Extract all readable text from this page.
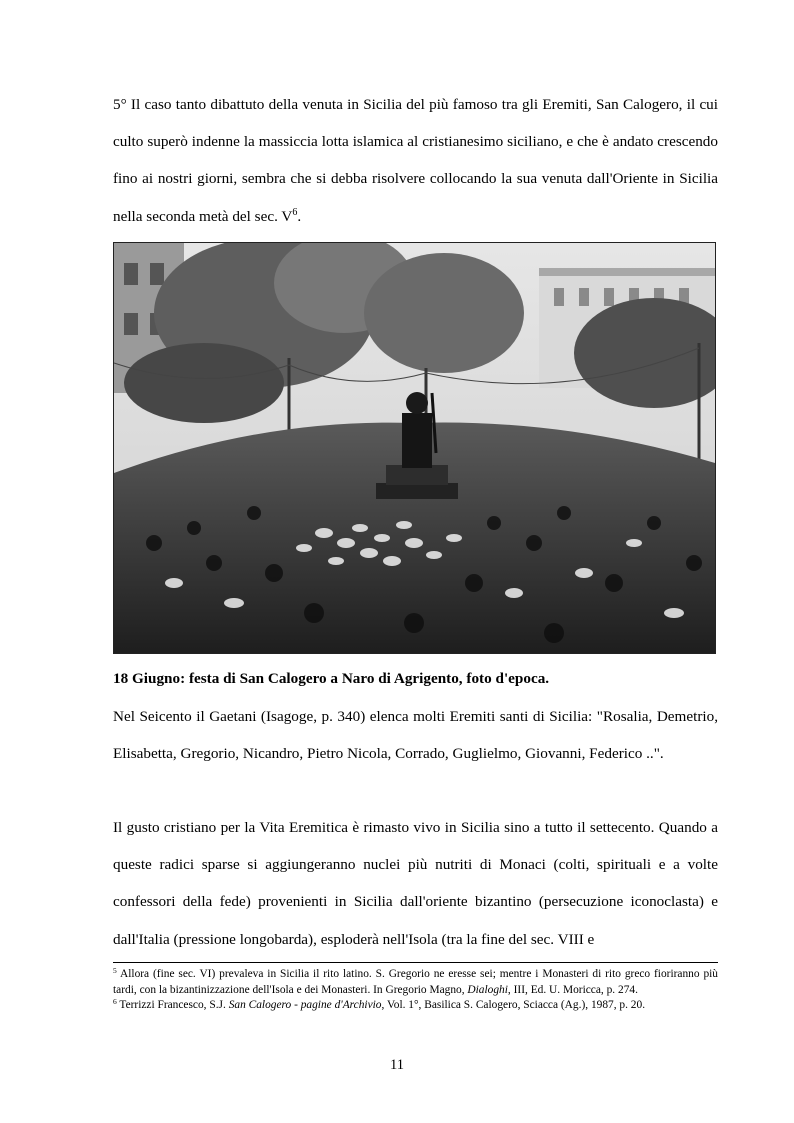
5° Il caso tanto dibattuto della venuta in Sicilia del più famoso tra gli Eremiti, San Calogero, il cui culto superò indenne la massiccia lotta islamica al cristianesimo siciliano, e che è andato crescendo fino ai nostri giorni, sembra che si debba risolvere collocando la sua venuta dall'Oriente in Sicilia nella seconda metà del sec. $V^6$.

18 Giugno: festa di San Calogero a Naro di Agrigento, foto d'epoca.

Nel Seicento il Gaetani (Isagoge, p. 340) elenca molti Eremiti santi di Sicilia: "Rosalia, Demetrio, Elisabetta, Gregorio, Nicandro, Pietro Nicola, Corrado, Guglielmo, Giovanni, Federico ..".

Il gusto cristiano per la Vita Eremitica è rimasto vivo in Sicilia sino a tutto il settecento. Quando a queste radici sparse si aggiungeranno nuclei più nutriti di Monaci (colti, spirituali e a volte confessori della fede) provenienti in Sicilia dall'oriente bizantino (persecuzione iconoclasta) e dall'Italia (pressione longobarda), esploderà nell'Isola (tra la fine del sec. VIII e

$^5$ Allora (fine sec. VI) prevaleva in Sicilia il rito latino. S. Gregorio ne eresse sei; mentre i Monasteri di rito greco fioriranno più tardi, con la bizantinizzazione dell'Isola e dei Monasteri. In Gregorio Magno, Dialoghi, III, Ed. U. Moricca, p. 274.

$^6$ Terrizzi Francesco, S.J. San Calogero - pagine d'Archivio, Vol. 1°, Basilica S. Calogero, Sciacca (Ag.), 1987, p. 20.

11
